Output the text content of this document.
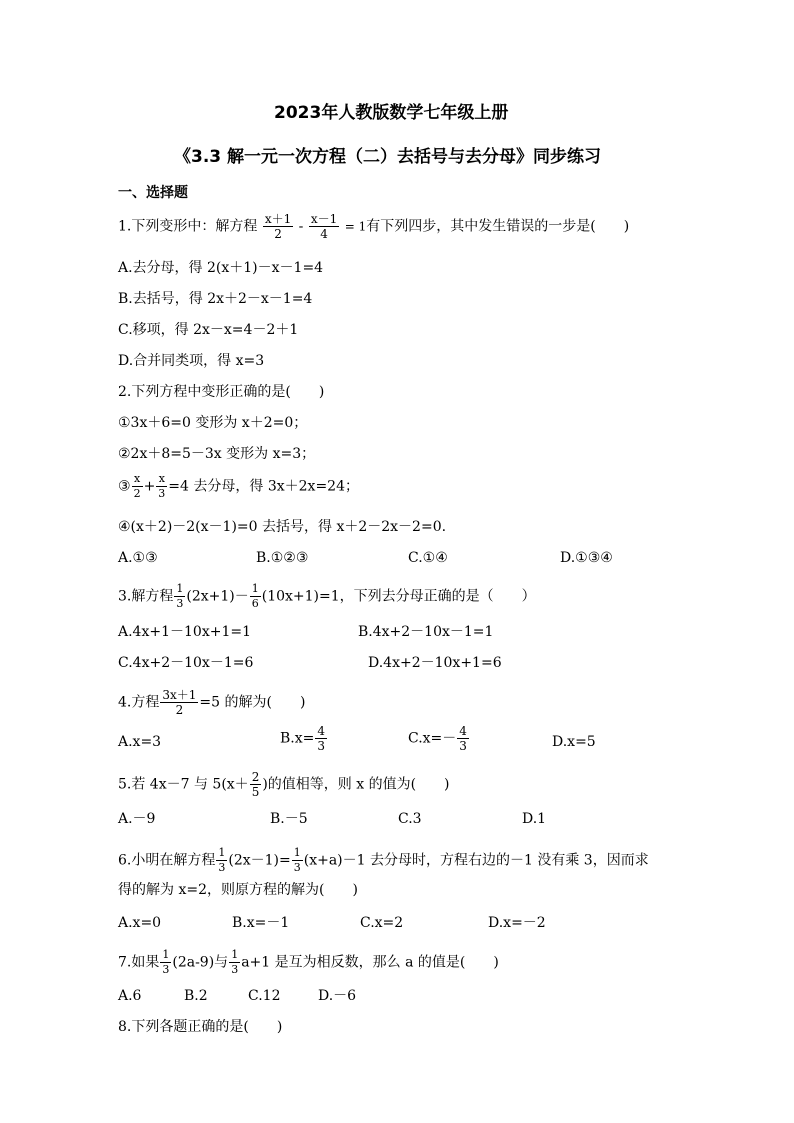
2023年人教版数学七年级上册
《3.3 解一元一次方程（二）去括号与去分母》同步练习
一、选择题
1.下列变形中：解方程 $\frac{x+1}{2} - \frac{x-1}{4} = 1$有下列四步，其中发生错误的一步是(　　)
A.去分母，得 2(x＋1)－x－1=4
B.去括号，得 2x＋2－x－1=4
C.移项，得 2x－x=4－2＋1
D.合并同类项，得 x=3
2.下列方程中变形正确的是(　　)
①3x＋6=0 变形为 x＋2=0；
②2x＋8=5－3x 变形为 x=3；
③ $\frac{x}{2} + \frac{x}{3} =4$ 去分母，得 3x＋2x=24；
④(x＋2)－2(x－1)=0 去括号，得 x＋2－2x－2=0.
A.①③	B.①②③	C.①④	D.①③④
3.解方程 $\frac{1}{3} (2x+1)- \frac{1}{6} (10x+1)=1$，下列去分母正确的是（　　）
A.4x+1－10x+1=1	B.4x+2－10x－1=1
C.4x+2－10x－1=6	D.4x+2－10x+1=6
4.方程 $\frac{3x+1}{2} =5$ 的解为(　　)
A.x=3	$B.x= \frac{4}{3}$	$C.x=- \frac{4}{3}$	D.x=5
5.若 4x－7 与 $5(x+ \frac{2}{5}$ )的值相等，则 x 的值为(　　)
A.－9	B.－5	C.3	D.1
6.小明在解方程 $\frac{1}{3} (2x-1)= \frac{1}{3} (x+a)-1$ 去分母时，方程右边的－1 没有乘 3，因而求
得的解为 x=2，则原方程的解为(　　)
A.x=0	B.x=－1	C.x=2	D.x=－2
7.如果 $\frac{1}{3} (2a-9)$与 $\frac{1}{3} a+1$ 是互为相反数，那么 a 的值是(　　)
A.6	B.2	C.12	D.－6
8.下列各题正确的是(　　)
